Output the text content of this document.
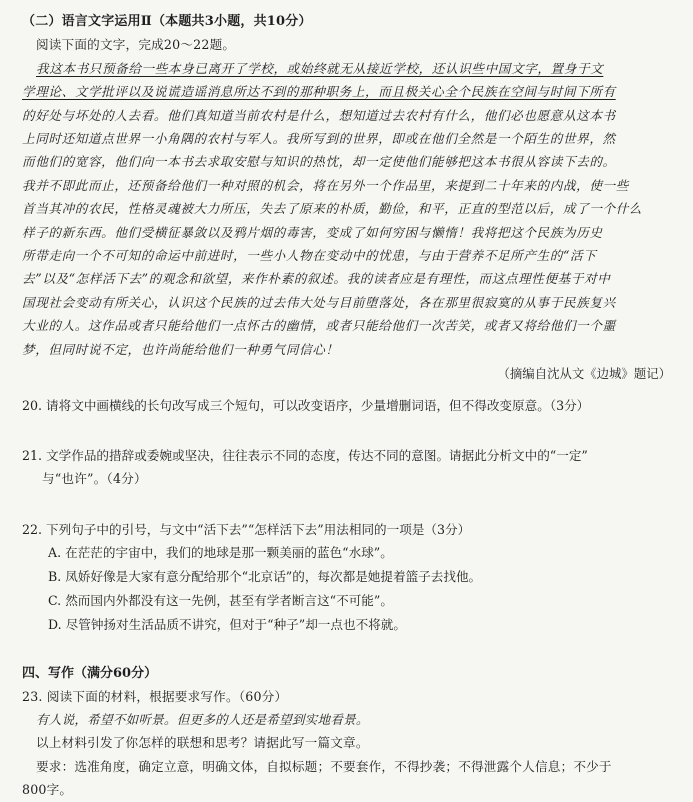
（二）语言文字运用Ⅱ（本题共3小题，共10分）
阅读下面的文字，完成20～22题。
我这本书只预备给一些本身已离开了学校，或始终就无从接近学校，还认识些中国文字，置身于文
学理论、文学批评以及说谎造谣消息所达不到的那种职务上，而且极关心全个民族在空间与时间下所有
的好处与坏处的人去看。他们真知道当前农村是什么，想知道过去农村有什么，他们必也愿意从这本书
上同时还知道点世界一小角隅的农村与军人。我所写到的世界，即或在他们全然是一个陌生的世界，然
而他们的宽容，他们向一本书去求取安慰与知识的热忱，却一定使他们能够把这本书很从容读下去的。
我并不即此而止，还预备给他们一种对照的机会，将在另外一个作品里，来提到二十年来的内战，使一些
首当其冲的农民，性格灵魂被大力所压，失去了原来的朴质，勤俭，和平，正直的型范以后，成了一个什么
样子的新东西。他们受横征暴敛以及鸦片烟的毒害，变成了如何穷困与懒惰！我将把这个民族为历史
所带走向一个不可知的命运中前进时，一些小人物在变动中的忧患，与由于营养不足所产生的“活下
去”以及“怎样活下去”的观念和欲望，来作朴素的叙述。我的读者应是有理性，而这点理性便基于对中
国现社会变动有所关心，认识这个民族的过去伟大处与目前堕落处，各在那里很寂寞的从事于民族复兴
大业的人。这作品或者只能给他们一点怀古的幽情，或者只能给他们一次苦笑，或者又将给他们一个噩
梦，但同时说不定，也许尚能给他们一种勇气同信心！
（摘编自沈从文《边城》题记）
20. 请将文中画横线的长句改写成三个短句，可以改变语序，少量增删词语，但不得改变原意。（3分）
21. 文学作品的措辞或委婉或坚决，往往表示不同的态度，传达不同的意图。请据此分析文中的“一定”
与“也许”。（4分）
22. 下列句子中的引号，与文中“活下去”“怎样活下去”用法相同的一项是（3分）
A. 在茫茫的宇宙中，我们的地球是那一颗美丽的蓝色“水球”。
B. 凤娇好像是大家有意分配给那个“北京话”的，每次都是她提着篮子去找他。
C. 然而国内外都没有这一先例，甚至有学者断言这“不可能”。
D. 尽管钟扬对生活品质不讲究，但对于“种子”却一点也不将就。
四、写作（满分60分）
23. 阅读下面的材料，根据要求写作。（60分）
有人说，希望不如听景。但更多的人还是希望到实地看景。
以上材料引发了你怎样的联想和思考？请据此写一篇文章。
要求：选准角度，确定立意，明确文体，自拟标题；不要套作，不得抄袭；不得泄露个人信息；不少于
800字。
